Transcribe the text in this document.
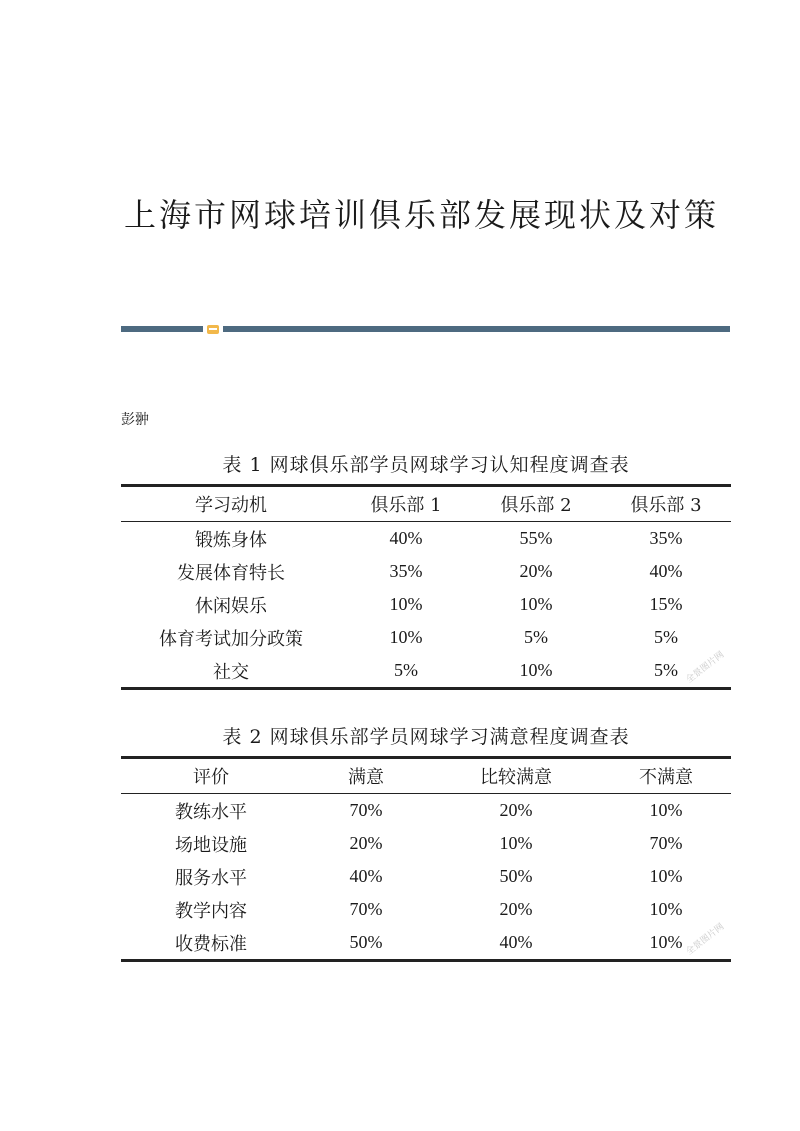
上海市网球培训俱乐部发展现状及对策

彭翀

表 1 网球俱乐部学员网球学习认知程度调查表

学习动机	俱乐部 1	俱乐部 2	俱乐部 3
锻炼身体	40%	55%	35%
发展体育特长	35%	20%	40%
休闲娱乐	10%	10%	15%
体育考试加分政策	10%	5%	5%
社交	5%	10%	5%

表 2 网球俱乐部学员网球学习满意程度调查表

评价	满意	比较满意	不满意
教练水平	70%	20%	10%
场地设施	20%	10%	70%
服务水平	40%	50%	10%
教学内容	70%	20%	10%
收费标准	50%	40%	10%
全景图片网
全景图片网
